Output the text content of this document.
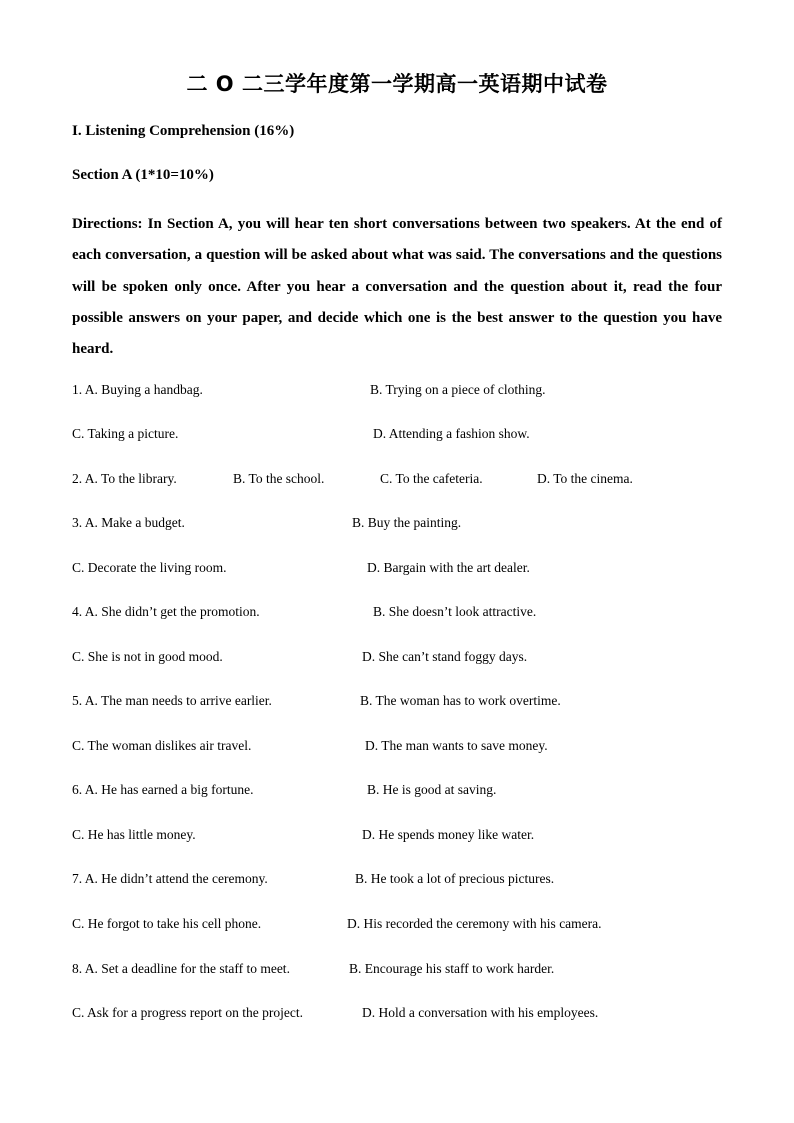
二 O 二三学年度第一学期高一英语期中试卷
I. Listening Comprehension (16%)
Section A (1*10=10%)
Directions: In Section A, you will hear ten short conversations between two speakers. At the end of each conversation, a question will be asked about what was said. The conversations and the questions will be spoken only once. After you hear a conversation and the question about it, read the four possible answers on your paper, and decide which one is the best answer to the question you have heard.
1. A. Buying a handbag.	B. Trying on a piece of clothing.
C. Taking a picture.	D. Attending a fashion show.
2. A. To the library.	B. To the school.	C. To the cafeteria.	D. To the cinema.
3. A. Make a budget.	B. Buy the painting.
C. Decorate the living room.	D. Bargain with the art dealer.
4. A. She didn’t get the promotion.	B. She doesn’t look attractive.
C. She is not in good mood.	D. She can’t stand foggy days.
5. A. The man needs to arrive earlier.	B. The woman has to work overtime.
C. The woman dislikes air travel.	D. The man wants to save money.
6. A. He has earned a big fortune.	B. He is good at saving.
C. He has little money.	D. He spends money like water.
7. A. He didn’t attend the ceremony.	B. He took a lot of precious pictures.
C. He forgot to take his cell phone.	D. His recorded the ceremony with his camera.
8. A. Set a deadline for the staff to meet.	B. Encourage his staff to work harder.
C. Ask for a progress report on the project.	D. Hold a conversation with his employees.
